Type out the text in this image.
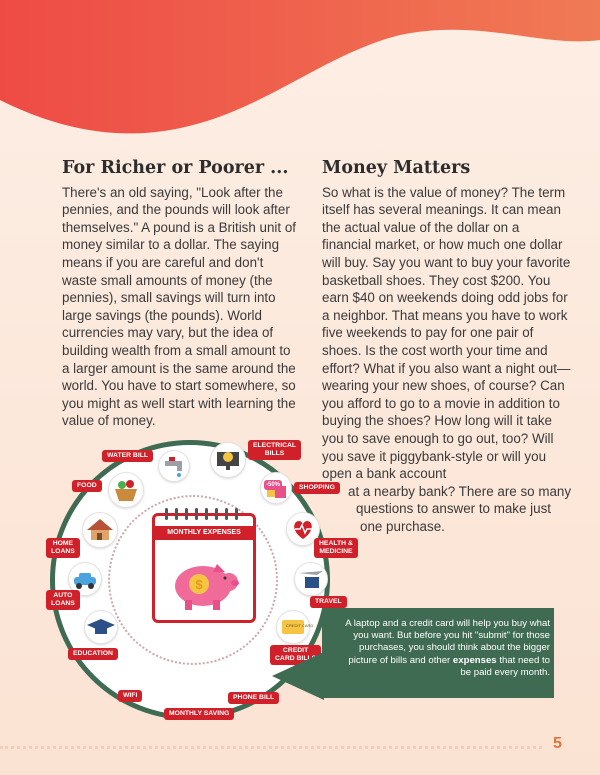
For Richer or Poorer ...

There's an old saying, "Look after the pennies, and the pounds will look after themselves." A pound is a British unit of money similar to a dollar. The saying means if you are careful and don't waste small amounts of money (the pennies), small savings will turn into large savings (the pounds). World currencies may vary, but the idea of building wealth from a small amount to a larger amount is the same around the world. You have to start somewhere, so you might as well start with learning the value of money.

Money Matters

So what is the value of money? The term itself has several meanings. It can mean the actual value of the dollar on a financial market, or how much one dollar will buy. Say you want to buy your favorite basketball shoes. They cost $200. You earn $40 on weekends doing odd jobs for a neighbor. That means you have to work five weekends to pay for one pair of shoes. Is the cost worth your time and effort? What if you also want a night out—wearing your new shoes, of course? Can you afford to go to a movie in addition to buying the shoes? How long will it take you to save enough to go out, too? Will you save it piggybank-style or will you open a bank account

at a nearby bank? There are so many

questions to answer to make just

one purchase.

MONTHLY EXPENSES
$
-50%
CREDIT CARD
WATER BILL
ELECTRICAL
BILLS
FOOD	SHOPPING
HOME
LOANS
HEALTH &
MEDICINE
AUTO
LOANS	TRAVEL
EDUCATION	CREDIT
CARD BILLS
WIFI	PHONE BILL
MONTHLY SAVING

A laptop and a credit card will help you buy what you want. But before you hit "submit" for those purchases, you should think about the bigger picture of bills and other expenses that need to be paid every month.

5
